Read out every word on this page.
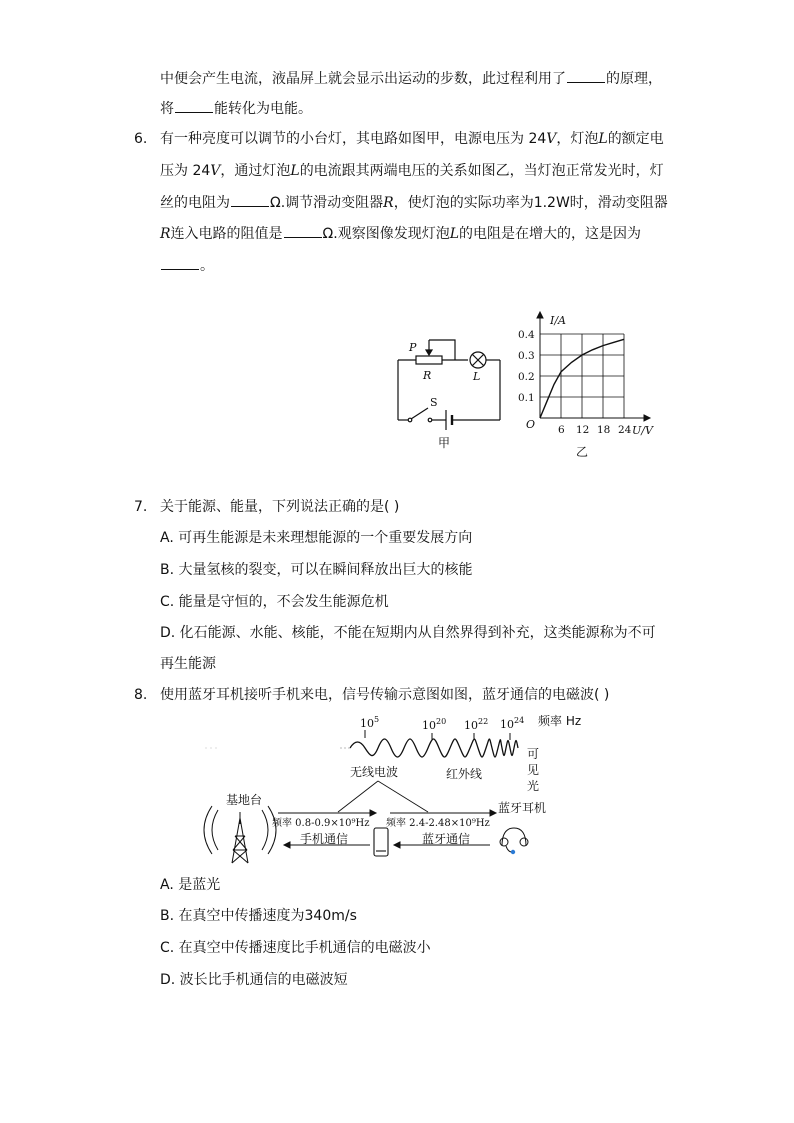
中便会产生电流，液晶屏上就会显示出运动的步数，此过程利用了	的原理，
将	能转化为电能。
6. 有一种亮度可以调节的小台灯，其电路如图甲，电源电压为 24V，灯泡L的额定电
压为 24V，通过灯泡L的电流跟其两端电压的关系如图乙，当灯泡正常发光时，灯
丝的电阻为	Ω.调节滑动变阻器R，使灯泡的实际功率为1.2W时，滑动变阻器
R连入电路的阻值是	Ω.观察图像发现灯泡L的电阻是在增大的，这是因为
。
P
R	L
S
甲
6 12 18 24
0.1
0.2
0.3
0.4
I/A
U/V
O
乙
7. 关于能源、能量，下列说法正确的是( )
A. 可再生能源是未来理想能源的一个重要发展方向
B. 大量氢核的裂变，可以在瞬间释放出巨大的核能
C. 能量是守恒的，不会发生能源危机
D. 化石能源、水能、核能，不能在短期内从自然界得到补充，这类能源称为不可
再生能源
8. 使用蓝牙耳机接听手机来电，信号传输示意图如图，蓝牙通信的电磁波( )
$10^5$	$10^{20}$ $10^{22}$ $10^{24}$ 频率 Hz
无线电波	红外线
可
见
光
基地台
频率 0.8-0.9×10⁹Hz 频率 2.4-2.48×10⁹Hz
手机通信	蓝牙通信
蓝牙耳机
A. 是蓝光
B. 在真空中传播速度为340m/s
C. 在真空中传播速度比手机通信的电磁波小
D. 波长比手机通信的电磁波短
